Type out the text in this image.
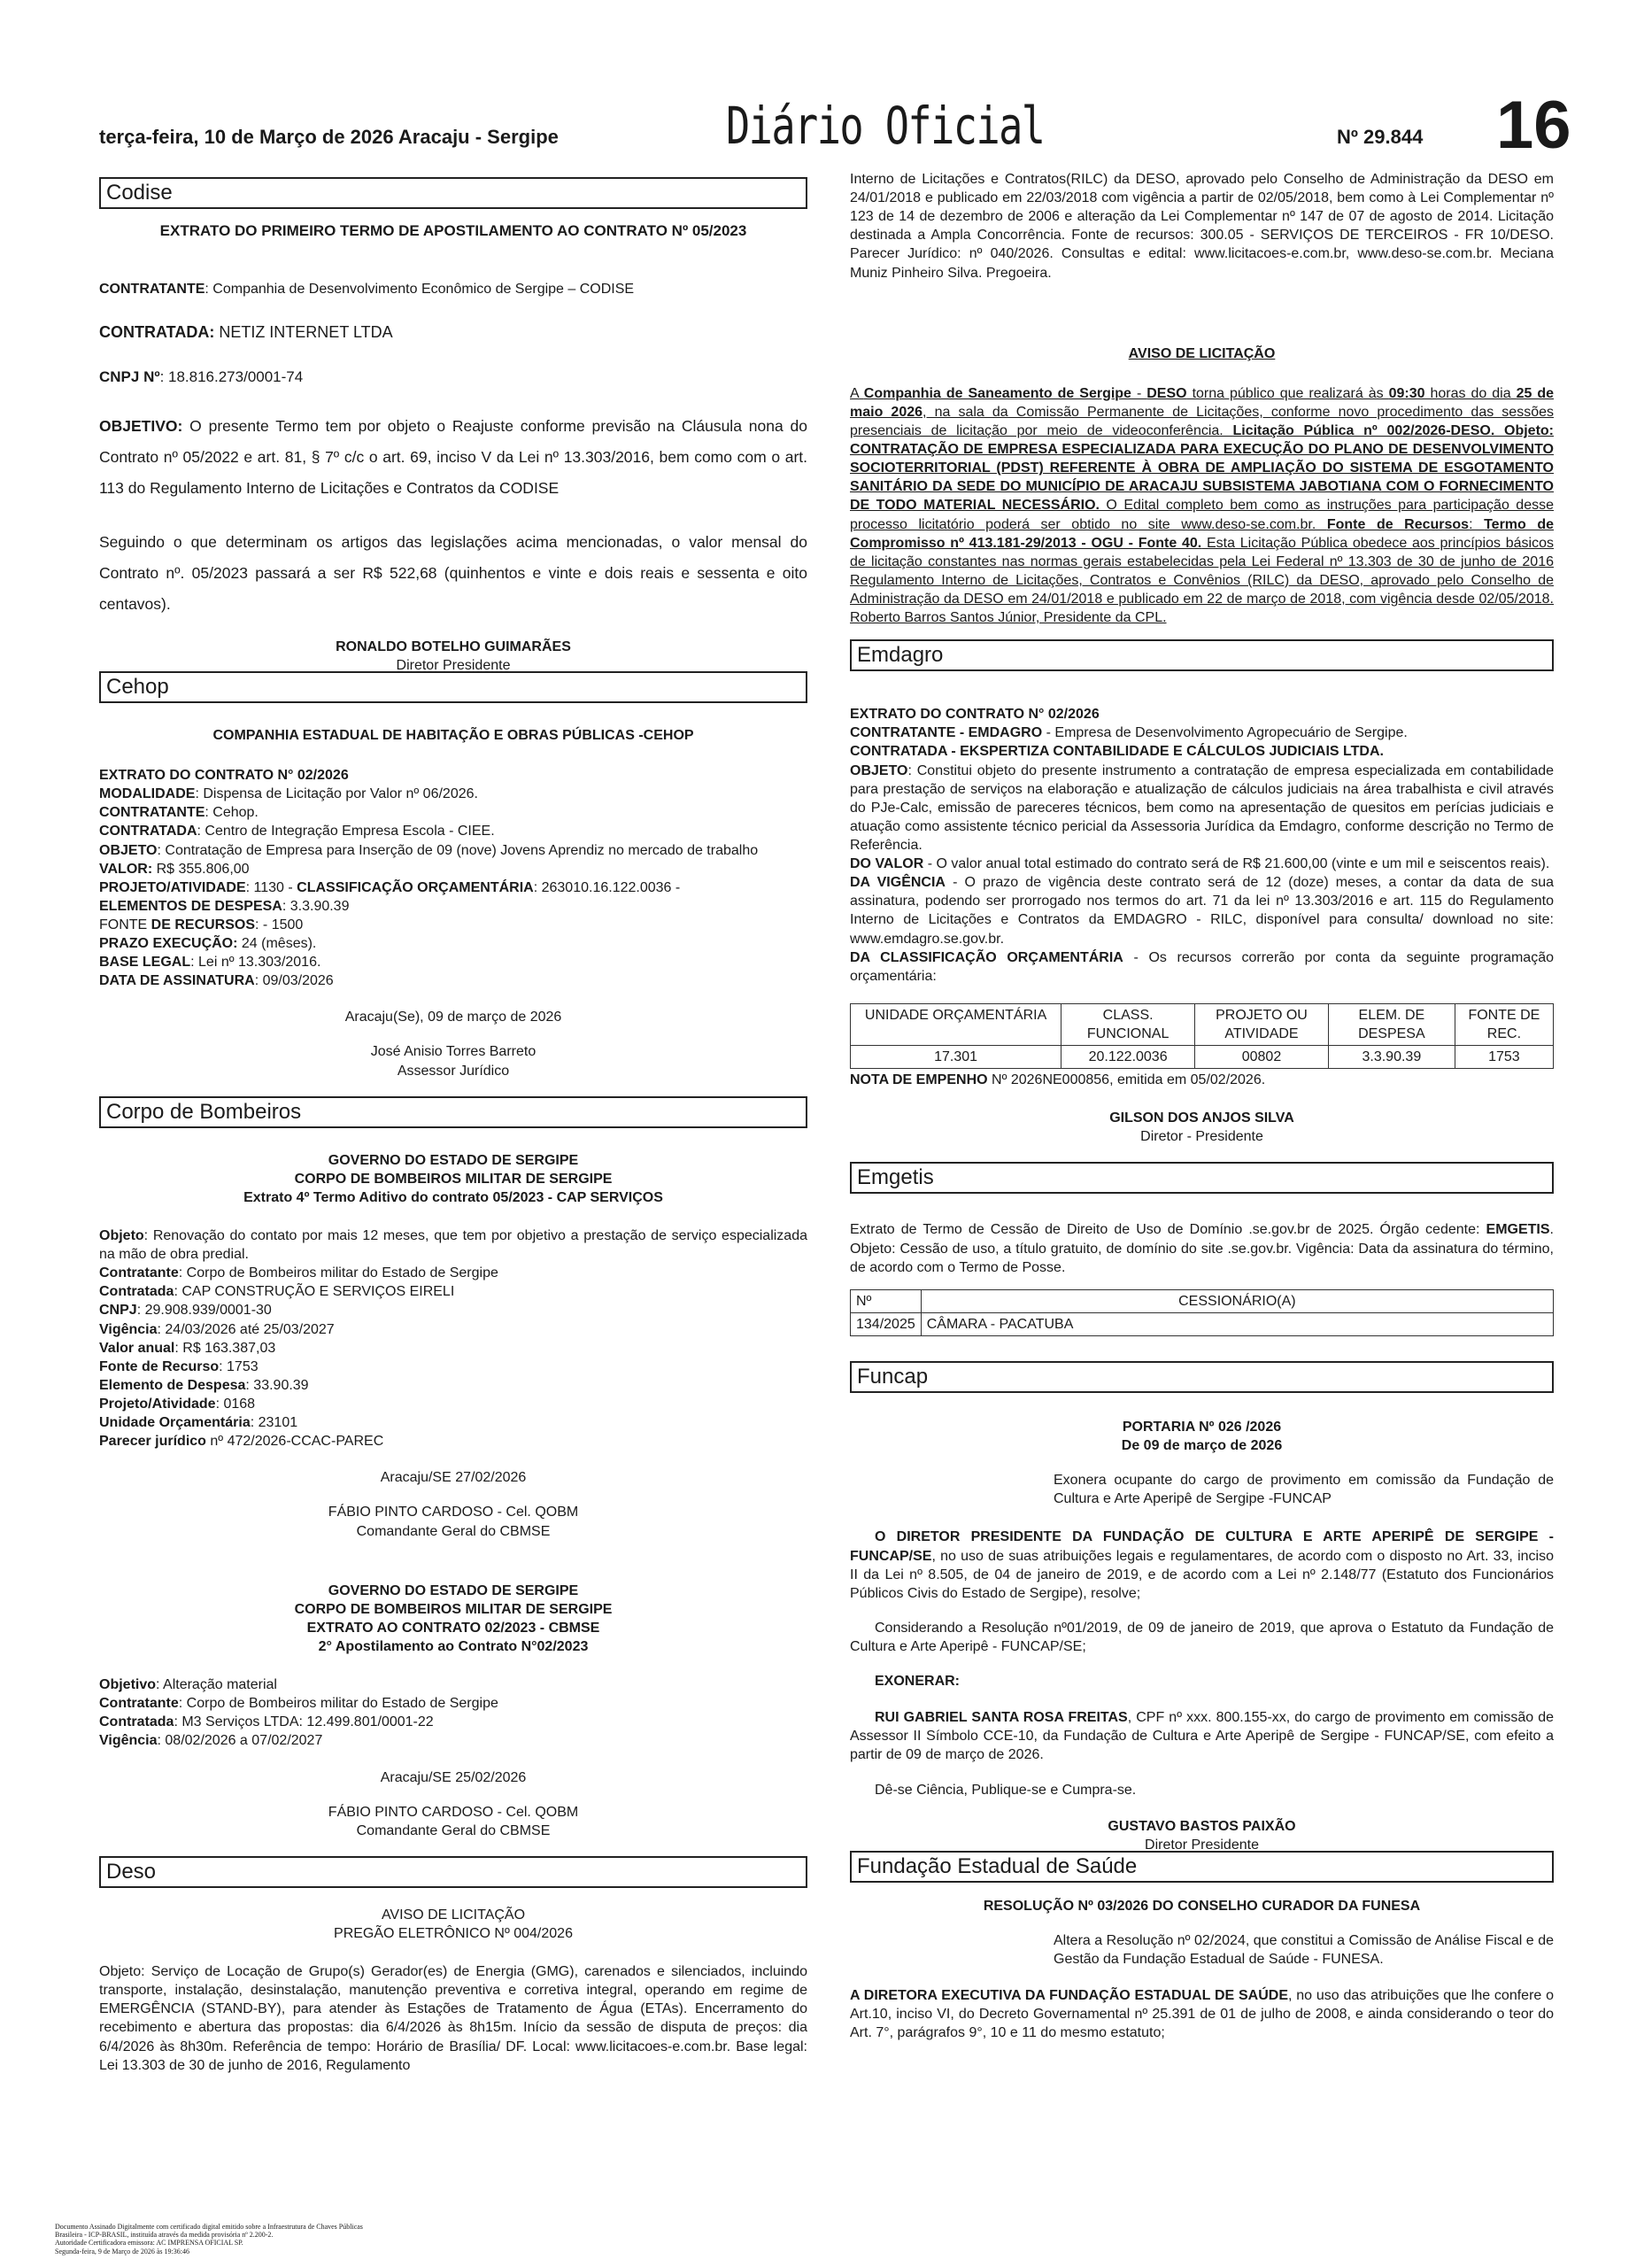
terça-feira, 10 de Março de 2026 Aracaju - Sergipe	Diário Oficial	Nº 29.844 16
Codise
EXTRATO DO PRIMEIRO TERMO DE APOSTILAMENTO AO CONTRATO Nº 05/2023
CONTRATANTE: Companhia de Desenvolvimento Econômico de Sergipe – CODISE
CONTRATADA: NETIZ INTERNET LTDA
CNPJ Nº: 18.816.273/0001-74

OBJETIVO: O presente Termo tem por objeto o Reajuste conforme previsão na Cláusula nona do Contrato nº 05/2022 e art. 81, § 7º c/c o art. 69, inciso V da Lei nº 13.303/2016, bem como com o art. 113 do Regulamento Interno de Licitações e Contratos da CODISE

Seguindo o que determinam os artigos das legislações acima mencionadas, o valor mensal do Contrato nº. 05/2023 passará a ser R$ 522,68 (quinhentos e vinte e dois reais e sessenta e oito centavos).

RONALDO BOTELHO GUIMARÃES
Diretor Presidente
Cehop
COMPANHIA ESTADUAL DE HABITAÇÃO E OBRAS PÚBLICAS -CEHOP
EXTRATO DO CONTRATO N° 02/2026
MODALIDADE: Dispensa de Licitação por Valor nº 06/2026.
CONTRATANTE: Cehop.
CONTRATADA: Centro de Integração Empresa Escola - CIEE.
OBJETO: Contratação de Empresa para Inserção de 09 (nove) Jovens Aprendiz no mercado de trabalho
VALOR: R$ 355.806,00
PROJETO/ATIVIDADE: 1130 - CLASSIFICAÇÃO ORÇAMENTÁRIA: 263010.16.122.0036 -
ELEMENTOS DE DESPESA: 3.3.90.39
FONTE DE RECURSOS: - 1500
PRAZO EXECUÇÃO: 24 (mêses).
BASE LEGAL: Lei nº 13.303/2016.
DATA DE ASSINATURA: 09/03/2026
Aracaju(Se), 09 de março de 2026
José Anisio Torres Barreto
Assessor Jurídico
Corpo de Bombeiros
GOVERNO DO ESTADO DE SERGIPE
CORPO DE BOMBEIROS MILITAR DE SERGIPE
Extrato 4º Termo Aditivo do contrato 05/2023 - CAP SERVIÇOS
Objeto: Renovação do contato por mais 12 meses, que tem por objetivo a prestação de serviço especializada na mão de obra predial.
Contratante: Corpo de Bombeiros militar do Estado de Sergipe
Contratada: CAP CONSTRUÇÃO E SERVIÇOS EIRELI
CNPJ: 29.908.939/0001-30
Vigência: 24/03/2026 até 25/03/2027
Valor anual: R$ 163.387,03
Fonte de Recurso: 1753
Elemento de Despesa: 33.90.39
Projeto/Atividade: 0168
Unidade Orçamentária: 23101
Parecer jurídico nº 472/2026-CCAC-PAREC
Aracaju/SE 27/02/2026
FÁBIO PINTO CARDOSO - Cel. QOBM
Comandante Geral do CBMSE
GOVERNO DO ESTADO DE SERGIPE
CORPO DE BOMBEIROS MILITAR DE SERGIPE
EXTRATO AO CONTRATO 02/2023 - CBMSE
2° Apostilamento ao Contrato N°02/2023
Objetivo: Alteração material
Contratante: Corpo de Bombeiros militar do Estado de Sergipe
Contratada: M3 Serviços LTDA: 12.499.801/0001-22
Vigência: 08/02/2026 a 07/02/2027
Aracaju/SE 25/02/2026
FÁBIO PINTO CARDOSO - Cel. QOBM
Comandante Geral do CBMSE
Deso
AVISO DE LICITAÇÃO
PREGÃO ELETRÔNICO Nº 004/2026

Objeto: Serviço de Locação de Grupo(s) Gerador(es) de Energia (GMG), carenados e silenciados, incluindo transporte, instalação, desinstalação, manutenção preventiva e corretiva integral, operando em regime de EMERGÊNCIA (STAND-BY), para atender às Estações de Tratamento de Água (ETAs). Encerramento do recebimento e abertura das propostas: dia 6/4/2026 às 8h15m. Início da sessão de disputa de preços: dia 6/4/2026 às 8h30m. Referência de tempo: Horário de Brasília/ DF. Local: www.licitacoes-e.com.br. Base legal: Lei 13.303 de 30 de junho de 2016, Regulamento

Interno de Licitações e Contratos(RILC) da DESO, aprovado pelo Conselho de Administração da DESO em 24/01/2018 e publicado em 22/03/2018 com vigência a partir de 02/05/2018, bem como à Lei Complementar nº 123 de 14 de dezembro de 2006 e alteração da Lei Complementar nº 147 de 07 de agosto de 2014. Licitação destinada a Ampla Concorrência. Fonte de recursos: 300.05 - SERVIÇOS DE TERCEIROS - FR 10/DESO. Parecer Jurídico: nº 040/2026. Consultas e edital: www.licitacoes-e.com.br, www.deso-se.com.br. Meciana Muniz Pinheiro Silva. Pregoeira.

AVISO DE LICITAÇÃO

A Companhia de Saneamento de Sergipe - DESO torna público que realizará às 09:30 horas do dia 25 de maio 2026, na sala da Comissão Permanente de Licitações, conforme novo procedimento das sessões presenciais de licitação por meio de videoconferência. Licitação Pública nº 002/2026-DESO. Objeto: CONTRATAÇÃO DE EMPRESA ESPECIALIZADA PARA EXECUÇÃO DO PLANO DE DESENVOLVIMENTO SOCIOTERRITORIAL (PDST) REFERENTE À OBRA DE AMPLIAÇÃO DO SISTEMA DE ESGOTAMENTO SANITÁRIO DA SEDE DO MUNICÍPIO DE ARACAJU SUBSISTEMA JABOTIANA COM O FORNECIMENTO DE TODO MATERIAL NECESSÁRIO. O Edital completo bem como as instruções para participação desse processo licitatório poderá ser obtido no site www.deso-se.com.br. Fonte de Recursos: Termo de Compromisso nº 413.181-29/2013 - OGU - Fonte 40. Esta Licitação Pública obedece aos princípios básicos de licitação constantes nas normas gerais estabelecidas pela Lei Federal nº 13.303 de 30 de junho de 2016 Regulamento Interno de Licitações, Contratos e Convênios (RILC) da DESO, aprovado pelo Conselho de Administração da DESO em 24/01/2018 e publicado em 22 de março de 2018, com vigência desde 02/05/2018. Roberto Barros Santos Júnior, Presidente da CPL.

Emdagro
EXTRATO DO CONTRATO N° 02/2026
CONTRATANTE - EMDAGRO - Empresa de Desenvolvimento Agropecuário de Sergipe.
CONTRATADA - EKSPERTIZA CONTABILIDADE E CÁLCULOS JUDICIAIS LTDA.
OBJETO: Constitui objeto do presente instrumento a contratação de empresa especializada em contabilidade para prestação de serviços na elaboração e atualização de cálculos judiciais na área trabalhista e civil através do PJe-Calc, emissão de pareceres técnicos, bem como na apresentação de quesitos em perícias judiciais e atuação como assistente técnico pericial da Assessoria Jurídica da Emdagro, conforme descrição no Termo de Referência.
DO VALOR - O valor anual total estimado do contrato será de R$ 21.600,00 (vinte e um mil e seiscentos reais).
DA VIGÊNCIA - O prazo de vigência deste contrato será de 12 (doze) meses, a contar da data de sua assinatura, podendo ser prorrogado nos termos do art. 71 da lei nº 13.303/2016 e art. 115 do Regulamento Interno de Licitações e Contratos da EMDAGRO - RILC, disponível para consulta/ download no site: www.emdagro.se.gov.br.
DA CLASSIFICAÇÃO ORÇAMENTÁRIA - Os recursos correrão por conta da seguinte programação orçamentária:
UNIDADE ORÇAMENTÁRIA	CLASS. FUNCIONAL	PROJETO OU ATIVIDADE	ELEM. DE DESPESA	FONTE DE REC.
17.301	20.122.0036	00802	3.3.90.39	1753
NOTA DE EMPENHO Nº 2026NE000856, emitida em 05/02/2026.
GILSON DOS ANJOS SILVA
Diretor - Presidente
Emgetis

Extrato de Termo de Cessão de Direito de Uso de Domínio .se.gov.br de 2025. Órgão cedente: EMGETIS. Objeto: Cessão de uso, a título gratuito, de domínio do site .se.gov.br. Vigência: Data da assinatura do término, de acordo com o Termo de Posse.

Nº	CESSIONÁRIO(A)
134/2025	CÂMARA - PACATUBA
Funcap
PORTARIA Nº 026 /2026
De 09 de março de 2026

Exonera ocupante do cargo de provimento em comissão da Fundação de Cultura e Arte Aperipê de Sergipe -FUNCAP

O DIRETOR PRESIDENTE DA FUNDAÇÃO DE CULTURA E ARTE APERIPÊ DE SERGIPE - FUNCAP/SE, no uso de suas atribuições legais e regulamentares, de acordo com o disposto no Art. 33, inciso II da Lei nº 8.505, de 04 de janeiro de 2019, e de acordo com a Lei nº 2.148/77 (Estatuto dos Funcionários Públicos Civis do Estado de Sergipe), resolve;

Considerando a Resolução nº01/2019, de 09 de janeiro de 2019, que aprova o Estatuto da Fundação de Cultura e Arte Aperipê - FUNCAP/SE;

EXONERAR:

RUI GABRIEL SANTA ROSA FREITAS, CPF nº xxx. 800.155-xx, do cargo de provimento em comissão de Assessor II Símbolo CCE-10, da Fundação de Cultura e Arte Aperipê de Sergipe - FUNCAP/SE, com efeito a partir de 09 de março de 2026.

Dê-se Ciência, Publique-se e Cumpra-se.

GUSTAVO BASTOS PAIXÃO
Diretor Presidente
Fundação Estadual de Saúde
RESOLUÇÃO Nº 03/2026 DO CONSELHO CURADOR DA FUNESA

Altera a Resolução nº 02/2024, que constitui a Comissão de Análise Fiscal e de Gestão da Fundação Estadual de Saúde - FUNESA.

A DIRETORA EXECUTIVA DA FUNDAÇÃO ESTADUAL DE SAÚDE, no uso das atribuições que lhe confere o Art.10, inciso VI, do Decreto Governamental nº 25.391 de 01 de julho de 2008, e ainda considerando o teor do Art. 7°, parágrafos 9°, 10 e 11 do mesmo estatuto;

Documento Assinado Digitalmente com certificado digital emitido sobre a Infraestrutura de Chaves Públicas
Brasileira - ICP-BRASIL, instituída através da medida provisória nº 2.200-2.
Autoridade Certificadora emissora: AC IMPRENSA OFICIAL SP.
Segunda-feira, 9 de Março de 2026 às 19:36:46
